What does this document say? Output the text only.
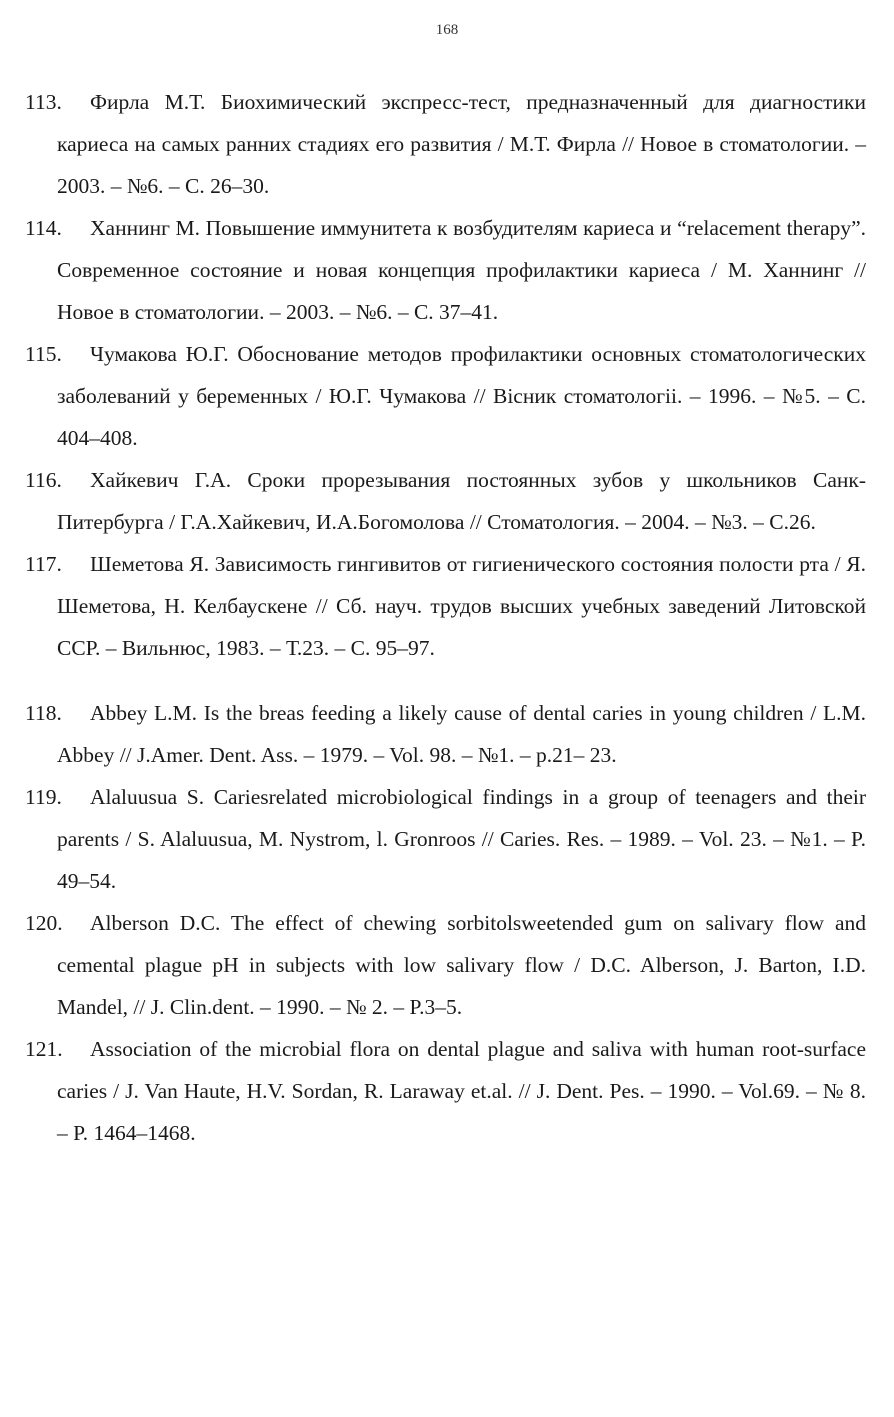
168
113.	Фирла М.Т. Биохимический экспресс-тест, предназначенный для диагностики кариеса на самых ранних стадиях его развития / М.Т. Фирла // Новое в стоматологии. – 2003. – №6. – С. 26–30.
114.	Ханнинг М. Повышение иммунитета к возбудителям кариеса и “relacement therapy”. Современное состояние и новая концепция профилактики кариеса / М. Ханнинг // Новое в стоматологии. – 2003. – №6. – С. 37–41.
115.	Чумакова Ю.Г. Обоснование методов профилактики основных стоматологических заболеваний у беременных / Ю.Г. Чумакова // Вiсник стоматологii. – 1996. – №5. – С. 404–408.
116.	Хайкевич Г.А. Сроки прорезывания постоянных зубов у школьников Санк-Питербурга / Г.А.Хайкевич, И.А.Богомолова // Стоматология. – 2004. – №3. – С.26.
117.	Шеметова Я. Зависимость гингивитов от гигиенического состояния полости рта / Я. Шеметова, Н. Келбаускене // Сб. науч. трудов высших учебных заведений Литовской ССР. – Вильнюс, 1983. – Т.23. – С. 95–97.
118.	Abbey L.M. Is the breas feeding a likely cause of dental caries in young children / L.M. Abbey // J.Amer. Dent. Ass. – 1979. – Vol. 98. – №1. – p.21– 23.
119.	Alaluusua S. Cariesrelated microbiological findings in a group of teenagers and their parents / S. Alaluusua, M. Nystrom, l. Gronroos // Caries. Res. – 1989. – Vol. 23. – №1. – P. 49–54.
120.	Alberson D.C. The effect of chewing sorbitolsweetended gum on salivary flow and cemental plague pH in subjects with low salivary flow / D.C. Alberson, J. Barton, I.D. Mandel, // J. Clin.dent. – 1990. – № 2. – P.3–5.
121.	Association of the microbial flora on dental plague and saliva with human root-surface caries / J. Van Haute, H.V. Sordan, R. Laraway et.al. // J. Dent. Pes. – 1990. – Vol.69. – № 8. – P. 1464–1468.
